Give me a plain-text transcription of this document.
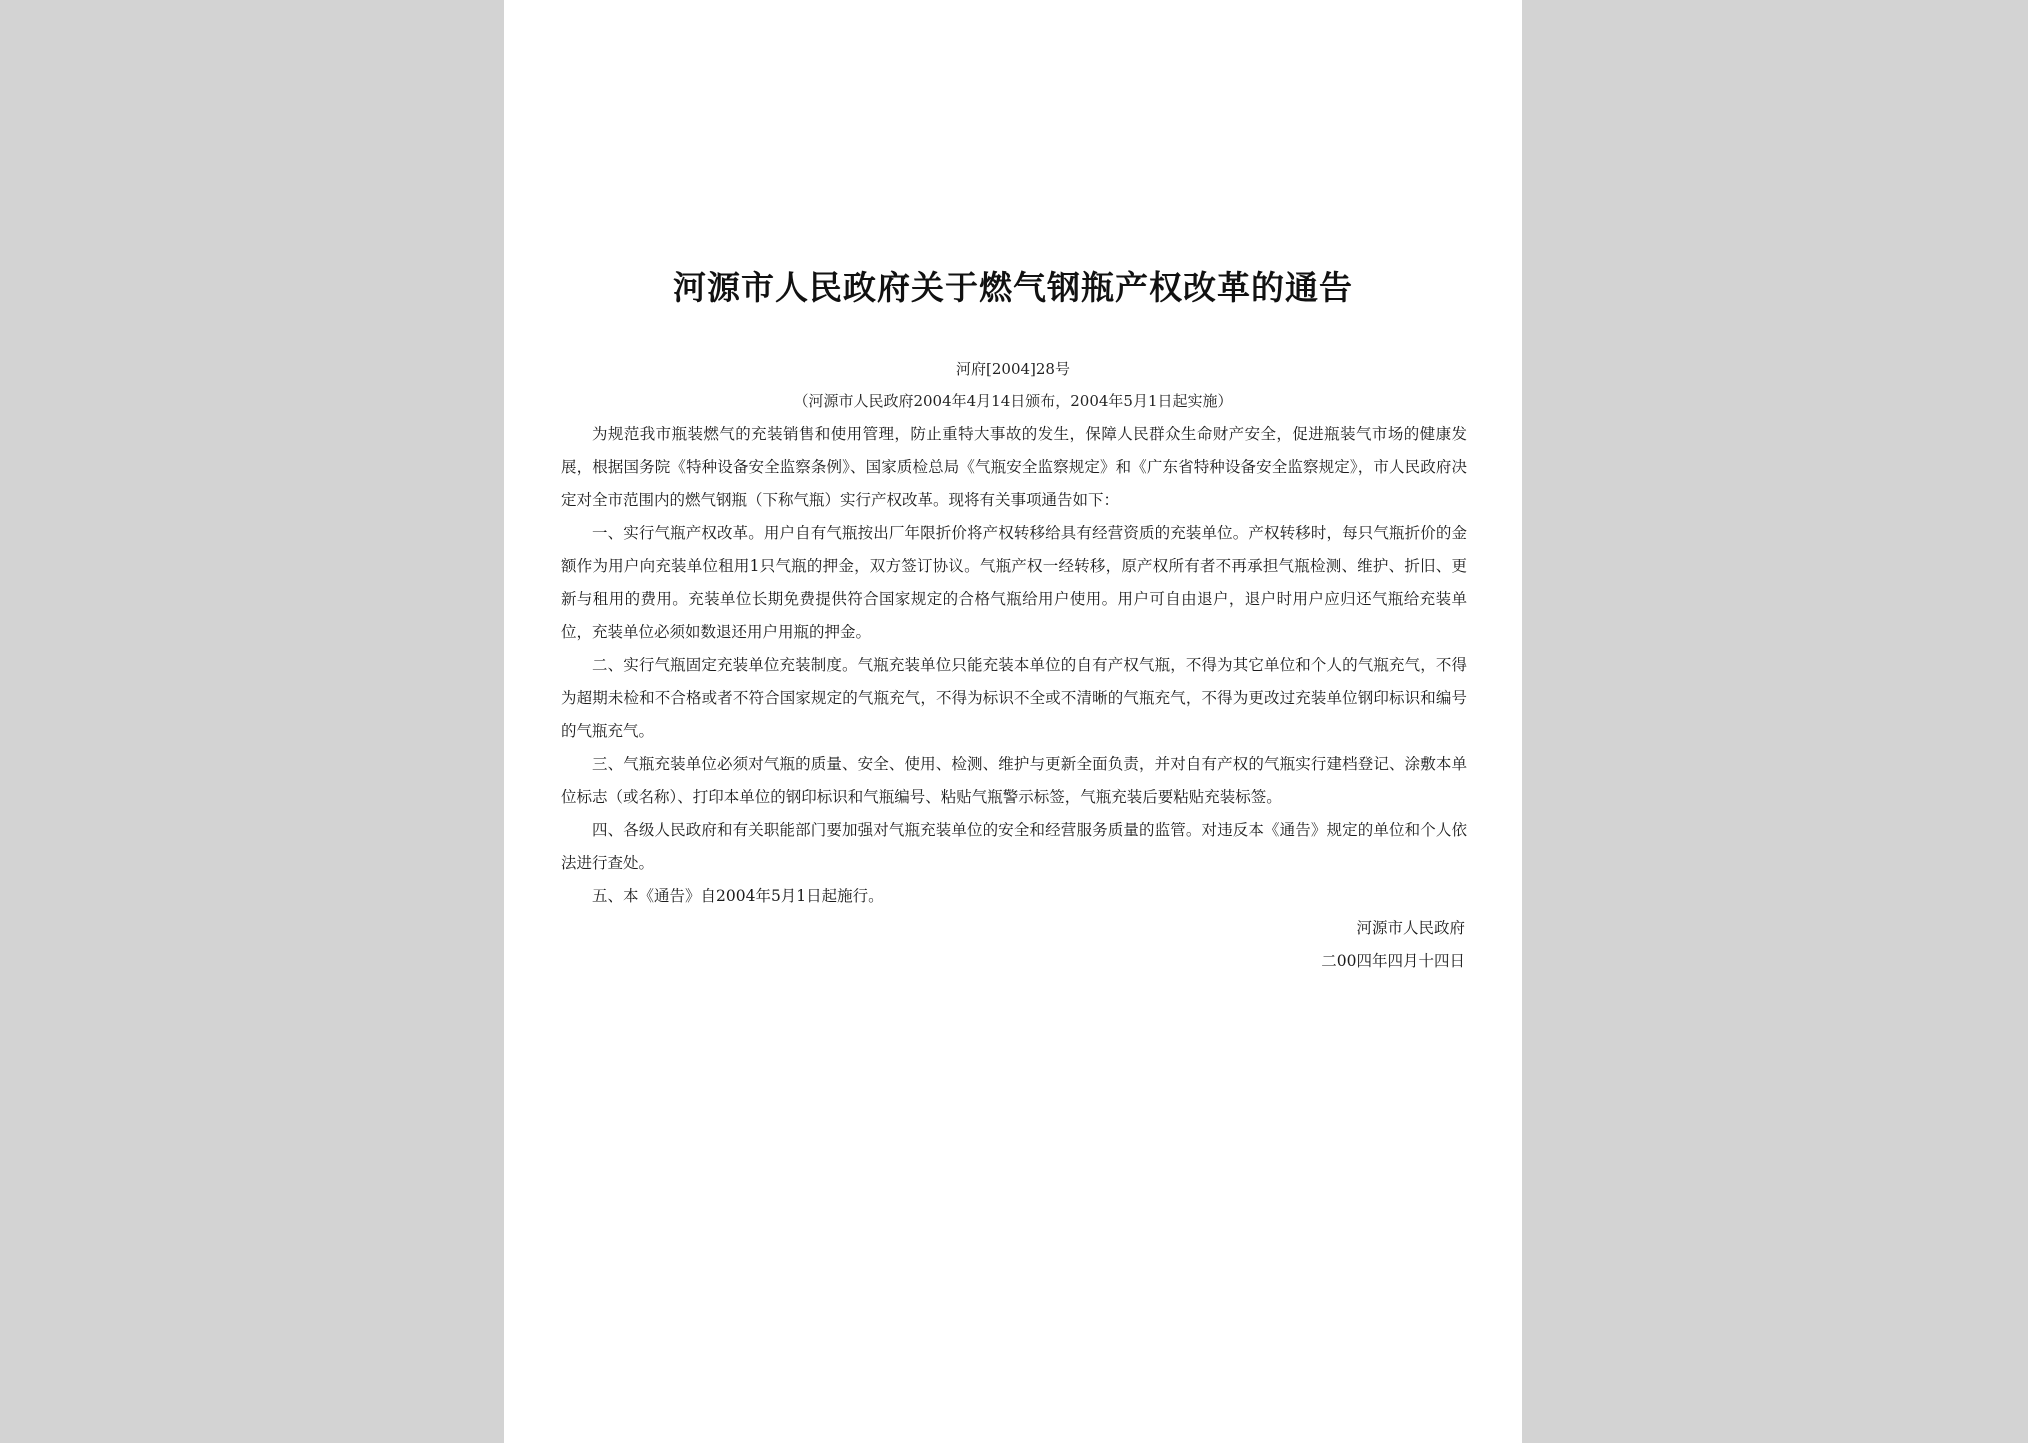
河源市人民政府关于燃气钢瓶产权改革的通告
河府[2004]28号
（河源市人民政府2004年4月14日颁布，2004年5月1日起实施）

为规范我市瓶装燃气的充装销售和使用管理，防止重特大事故的发生，保障人民群众生命财产安全，促进瓶装气市场的健康发展，根据国务院《特种设备安全监察条例》、国家质检总局《气瓶安全监察规定》和《广东省特种设备安全监察规定》，市人民政府决定对全市范围内的燃气钢瓶（下称气瓶）实行产权改革。现将有关事项通告如下：

一、实行气瓶产权改革。用户自有气瓶按出厂年限折价将产权转移给具有经营资质的充装单位。产权转移时，每只气瓶折价的金额作为用户向充装单位租用1只气瓶的押金，双方签订协议。气瓶产权一经转移，原产权所有者不再承担气瓶检测、维护、折旧、更新与租用的费用。充装单位长期免费提供符合国家规定的合格气瓶给用户使用。用户可自由退户，退户时用户应归还气瓶给充装单位，充装单位必须如数退还用户用瓶的押金。

二、实行气瓶固定充装单位充装制度。气瓶充装单位只能充装本单位的自有产权气瓶，不得为其它单位和个人的气瓶充气，不得为超期未检和不合格或者不符合国家规定的气瓶充气，不得为标识不全或不清晰的气瓶充气，不得为更改过充装单位钢印标识和编号的气瓶充气。

三、气瓶充装单位必须对气瓶的质量、安全、使用、检测、维护与更新全面负责，并对自有产权的气瓶实行建档登记、涂敷本单位标志（或名称）、打印本单位的钢印标识和气瓶编号、粘贴气瓶警示标签，气瓶充装后要粘贴充装标签。

四、各级人民政府和有关职能部门要加强对气瓶充装单位的安全和经营服务质量的监管。对违反本《通告》规定的单位和个人依法进行查处。

五、本《通告》自2004年5月1日起施行。

河源市人民政府
二00四年四月十四日
